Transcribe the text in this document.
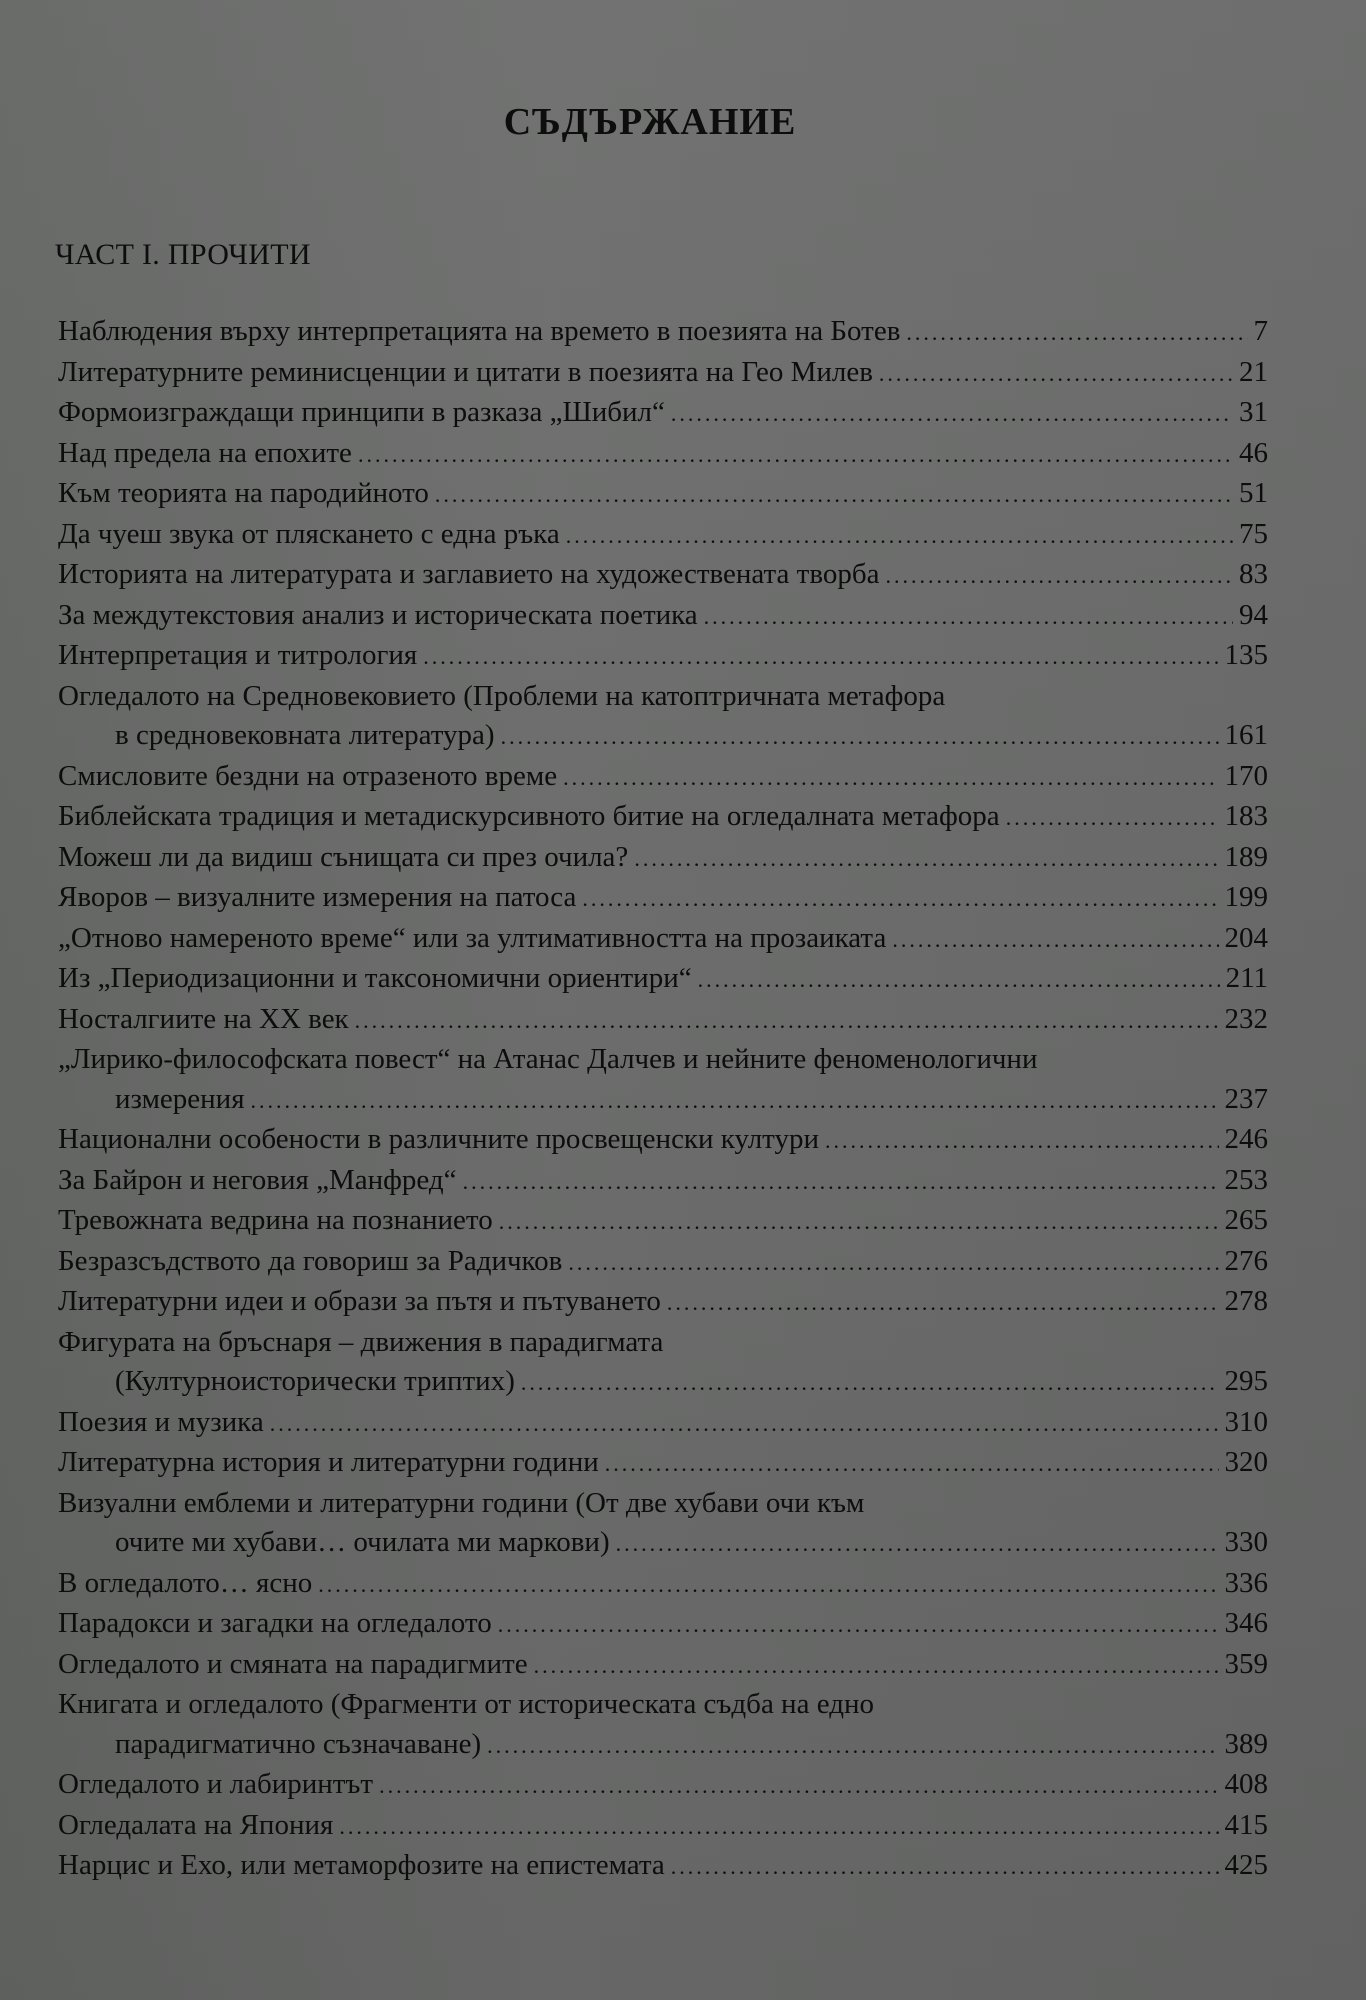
СЪДЪРЖАНИЕ
ЧАСТ І. ПРОЧИТИ
Наблюдения върху интерпретацията на времето в поезията на Ботев .....	7
Литературните реминисценции и цитати в поезията на Гео Милев .....	21
Формоизграждащи принципи в разказа „Шибил“ .....	31
Над предела на епохите .....	46
Към теорията на пародийното .....	51
Да чуеш звука от плясканeто с една ръка .....	75
Историята на литературата и заглавието на художествената творба .....	83
За междутекстовия анализ и историческата поетика .....	94
Интерпретация и титрология .....	135
Огледалото на Средновековието (Проблеми на катоптричната метафора
в средновековната литература) .....	161
Смисловите бездни на отразеното време .....	170
Библейската традиция и метадискурсивното битие на огледалната метафора .....	183
Можеш ли да видиш сънищата си през очила? .....	189
Яворов – визуалните измерения на патоса .....	199
„Отново намереното време“ или за ултимативността на прозаиката .....	204
Из „Периодизационни и таксономични ориентири“ .....	211
Носталгиите на ХХ век .....	232
„Лирико-философската повест“ на Атанас Далчев и нейните феноменологични
измерения .....	237
Национални особености в различните просвещенски култури .....	246
За Байрон и неговия „Манфред“ .....	253
Тревожната ведрина на познанието .....	265
Безразсъдството да говориш за Радичков .....	276
Литературни идеи и образи за пътя и пътуването .....	278
Фигурата на бръснаря – движения в парадигмата
(Културноисторически триптих) .....	295
Поезия и музика .....	310
Литературна история и литературни години .....	320
Визуални емблеми и литературни години (От две хубави очи към
очите ми хубави… очилата ми маркови) .....	330
В огледалото… ясно .....	336
Парадокси и загадки на огледалото .....	346
Огледалото и смяната на парадигмите .....	359
Книгата и огледалото (Фрагменти от историческата съдба на едно
парадигматично съзначаване) .....	389
Огледалото и лабиринтът .....	408
Огледалата на Япония .....	415
Нарцис и Ехо, или метаморфозите на епистемата .....	425
